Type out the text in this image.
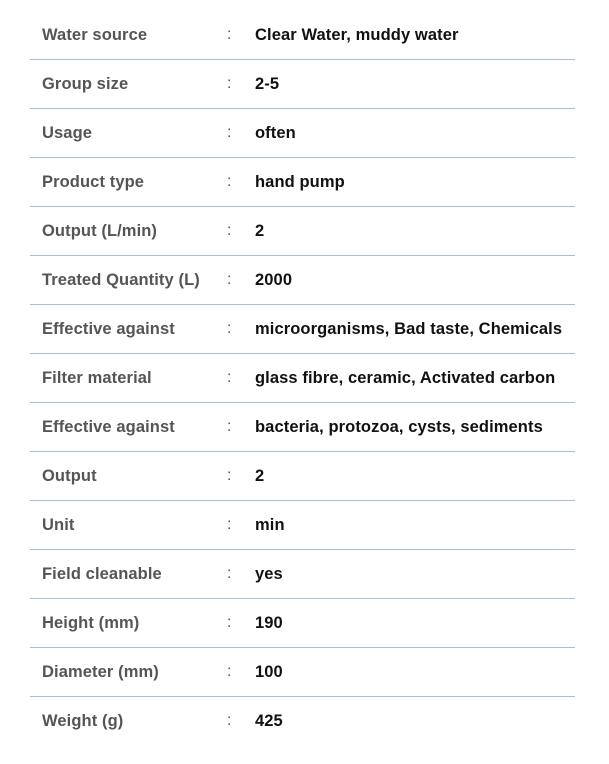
Water source	:	Clear Water, muddy water
Group size	:	2-5
Usage	:	often
Product type	:	hand pump
Output (L/min)	:	2
Treated Quantity (L)	:	2000
Effective against	:	microorganisms, Bad taste, Chemicals
Filter material	:	glass fibre, ceramic, Activated carbon
Effective against	:	bacteria, protozoa, cysts, sediments
Output	:	2
Unit	:	min
Field cleanable	:	yes
Height (mm)	:	190
Diameter (mm)	:	100
Weight (g)	:	425
